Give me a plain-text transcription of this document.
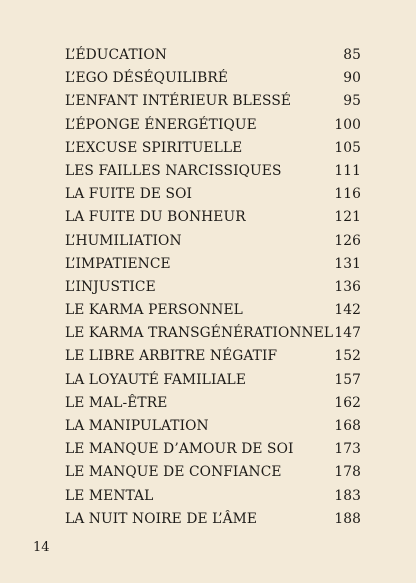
L’ÉDUCATION	85
L’EGO DÉSÉQUILIBRÉ	90
L’ENFANT INTÉRIEUR BLESSÉ	95
L’ÉPONGE ÉNERGÉTIQUE	100
L’EXCUSE SPIRITUELLE	105
LES FAILLES NARCISSIQUES	111
LA FUITE DE SOI	116
LA FUITE DU BONHEUR	121
L’HUMILIATION	126
L’IMPATIENCE	131
L’INJUSTICE	136
LE KARMA PERSONNEL	142
LE KARMA TRANSGÉNÉRATIONNEL 147
LE LIBRE ARBITRE NÉGATIF	152
LA LOYAUTÉ FAMILIALE	157
LE MAL-ÊTRE	162
LA MANIPULATION	168
LE MANQUE D’AMOUR DE SOI	173
LE MANQUE DE CONFIANCE	178
LE MENTAL	183
LA NUIT NOIRE DE L’ÂME	188
14
